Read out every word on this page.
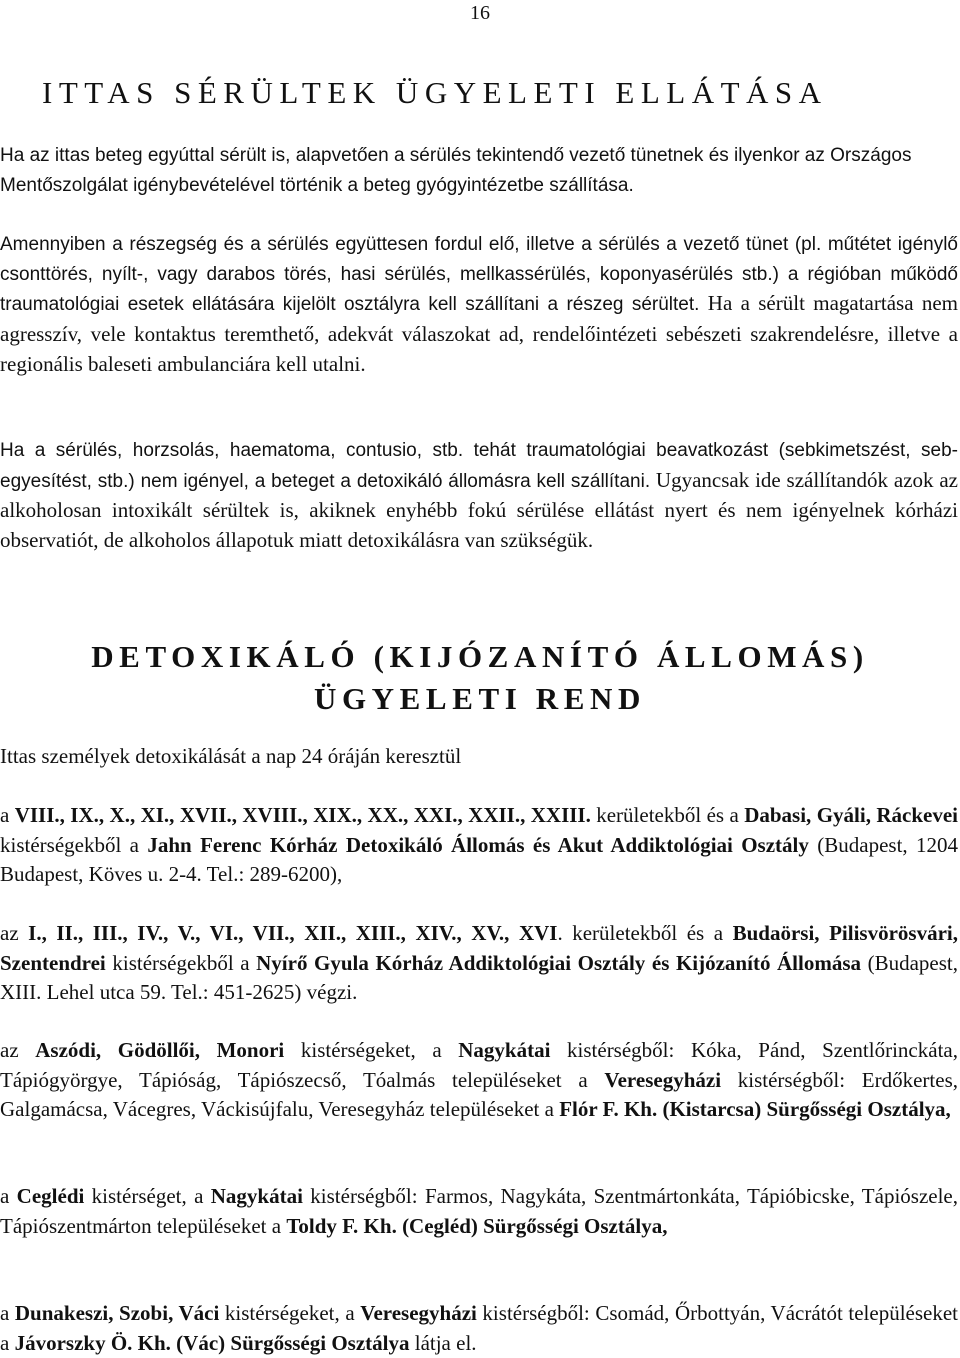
16
ITTAS SÉRÜLTEK ÜGYELETI ELLÁTÁSA

Ha az ittas beteg egyúttal sérült is, alapvetően a sérülés tekintendő vezető tünetnek és ilyenkor az Országos Mentőszolgálat igénybevételével történik a beteg gyógyintézetbe szállítása.

Amennyiben a részegség és a sérülés együttesen fordul elő, illetve a sérülés a vezető tünet (pl. műtétet igénylő csonttörés, nyílt-, vagy darabos törés, hasi sérülés, mellkassérülés, koponyasérülés stb.) a régióban működő traumatológiai esetek ellátására kijelölt osztályra kell szállítani a részeg sérültet. Ha a sérült magatartása nem agresszív, vele kontaktus teremthető, adekvát válaszokat ad, rendelőintézeti sebészeti szakrendelésre, illetve a regionális baleseti ambulanciára kell utalni.

Ha a sérülés, horzsolás, haematoma, contusio, stb. tehát traumatológiai beavatkozást (sebkimetszést, seb-egyesítést, stb.) nem igényel, a beteget a detoxikáló állomásra kell szállítani. Ugyancsak ide szállítandók azok az alkoholosan intoxikált sérültek is, akiknek enyhébb fokú sérülése ellátást nyert és nem igényelnek kórházi observatiót, de alkoholos állapotuk miatt detoxikálásra van szükségük.

DETOXIKÁLÓ (KIJÓZANÍTÓ ÁLLOMÁS)
ÜGYELETI REND

Ittas személyek detoxikálását a nap 24 óráján keresztül

a VIII., IX., X., XI., XVII., XVIII., XIX., XX., XXI., XXII., XXIII. kerületekből és a Dabasi, Gyáli, Ráckevei kistérségekből a Jahn Ferenc Kórház Detoxikáló Állomás és Akut Addiktológiai Osztály (Budapest, 1204 Budapest, Köves u. 2-4. Tel.: 289-6200),

az I., II., III., IV., V., VI., VII., XII., XIII., XIV., XV., XVI. kerületekből és a Budaörsi, Pilisvörösvári, Szentendrei kistérségekből a Nyírő Gyula Kórház Addiktológiai Osztály és Kijózanító Állomása (Budapest, XIII. Lehel utca 59. Tel.: 451-2625) végzi.

az Aszódi, Gödöllői, Monori kistérségeket, a Nagykátai kistérségből: Kóka, Pánd, Szentlőrinckáta, Tápiógyörgye, Tápióság, Tápiószecső, Tóalmás településeket a Veresegyházi kistérségből: Erdőkertes, Galgamácsa, Vácegres, Váckisújfalu, Veresegyház településeket a Flór F. Kh. (Kistarcsa) Sürgősségi Osztálya,

a Ceglédi kistérséget, a Nagykátai kistérségből: Farmos, Nagykáta, Szentmártonkáta, Tápióbicske, Tápiószele, Tápiószentmárton településeket a Toldy F. Kh. (Cegléd) Sürgősségi Osztálya,

a Dunakeszi, Szobi, Váci kistérségeket, a Veresegyházi kistérségből: Csomád, Őrbottyán, Vácrátót településeket a Jávorszky Ö. Kh. (Vác) Sürgősségi Osztálya látja el.
